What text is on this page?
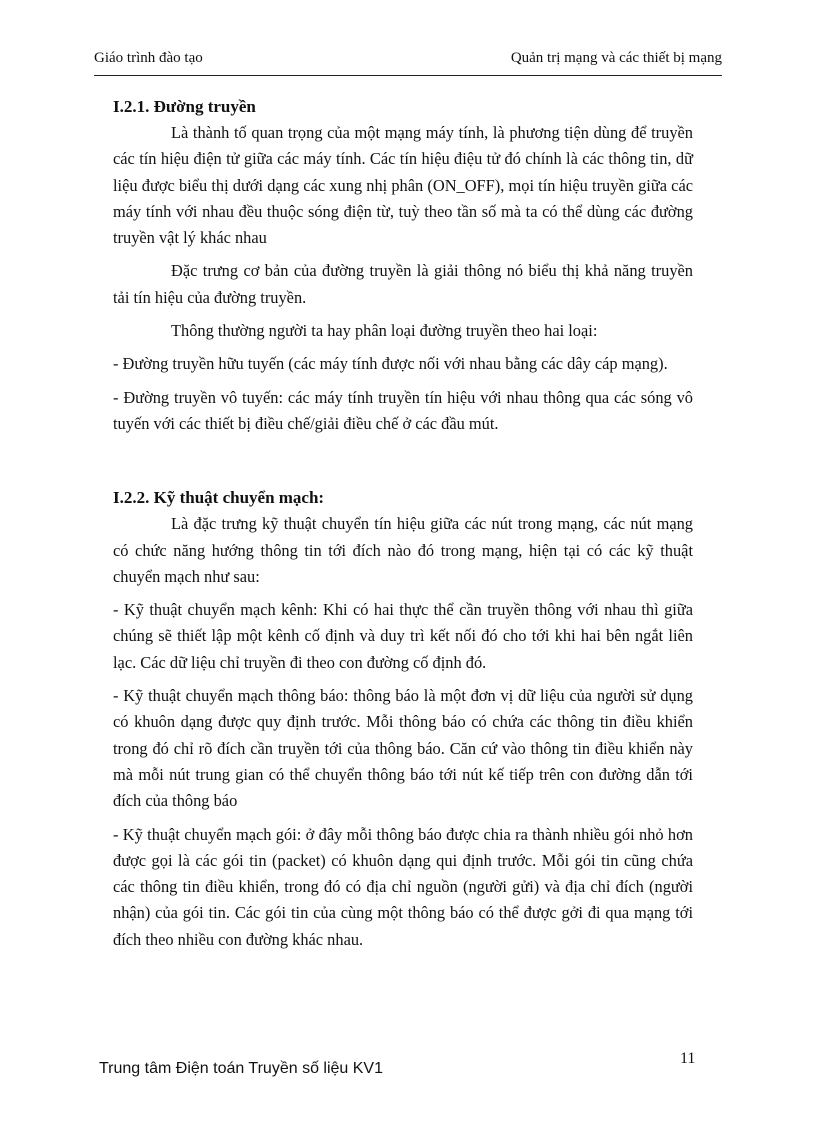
Giáo trình đào tạo	Quản trị mạng và các thiết bị mạng
I.2.1. Đường truyền

Là thành tố quan trọng của một mạng máy tính, là phương tiện dùng để truyền các tín hiệu điện tử giữa các máy tính. Các tín hiệu điệu tử đó chính là các thông tin, dữ liệu được biểu thị dưới dạng các xung nhị phân (ON_OFF), mọi tín hiệu truyền giữa các máy tính với nhau đều thuộc sóng điện từ, tuỳ theo tần số mà ta có thể dùng các đường truyền vật lý khác nhau

Đặc trưng cơ bản của đường truyền là giải thông nó biểu thị khả năng truyền tải tín hiệu của đường truyền.

Thông thường người ta hay phân loại đường truyền theo hai loại:

- Đường truyền hữu tuyến (các máy tính được nối với nhau bằng các dây cáp mạng).

- Đường truyền vô tuyến: các máy tính truyền tín hiệu với nhau thông qua các sóng vô tuyến với các thiết bị điều chế/giải điều chế ở các đầu mút.

I.2.2. Kỹ thuật chuyển mạch:

Là đặc trưng kỹ thuật chuyển tín hiệu giữa các nút trong mạng, các nút mạng có chức năng hướng thông tin tới đích nào đó trong mạng, hiện tại có các kỹ thuật chuyển mạch như sau:

- Kỹ thuật chuyển mạch kênh: Khi có hai thực thể cần truyền thông với nhau thì giữa chúng sẽ thiết lập một kênh cố định và duy trì kết nối đó cho tới khi hai bên ngắt liên lạc. Các dữ liệu chỉ truyền đi theo con đường cố định đó.

- Kỹ thuật chuyển mạch thông báo: thông báo là một đơn vị dữ liệu của người sử dụng có khuôn dạng được quy định trước. Mỗi thông báo có chứa các thông tin điều khiển trong đó chỉ rõ đích cần truyền tới của thông báo. Căn cứ vào thông tin điều khiển này mà mỗi nút trung gian có thể chuyển thông báo tới nút kế tiếp trên con đường dẫn tới đích của thông báo

- Kỹ thuật chuyển mạch gói: ở đây mỗi thông báo được chia ra thành nhiều gói nhỏ hơn được gọi là các gói tin (packet) có khuôn dạng qui định trước. Mỗi gói tin cũng chứa các thông tin điều khiển, trong đó có địa chỉ nguồn (người gửi) và địa chỉ đích (người nhận) của gói tin. Các gói tin của cùng một thông báo có thể được gởi đi qua mạng tới đích theo nhiều con đường khác nhau.

11
Trung tâm Điện toán Truyền số liệu KV1
